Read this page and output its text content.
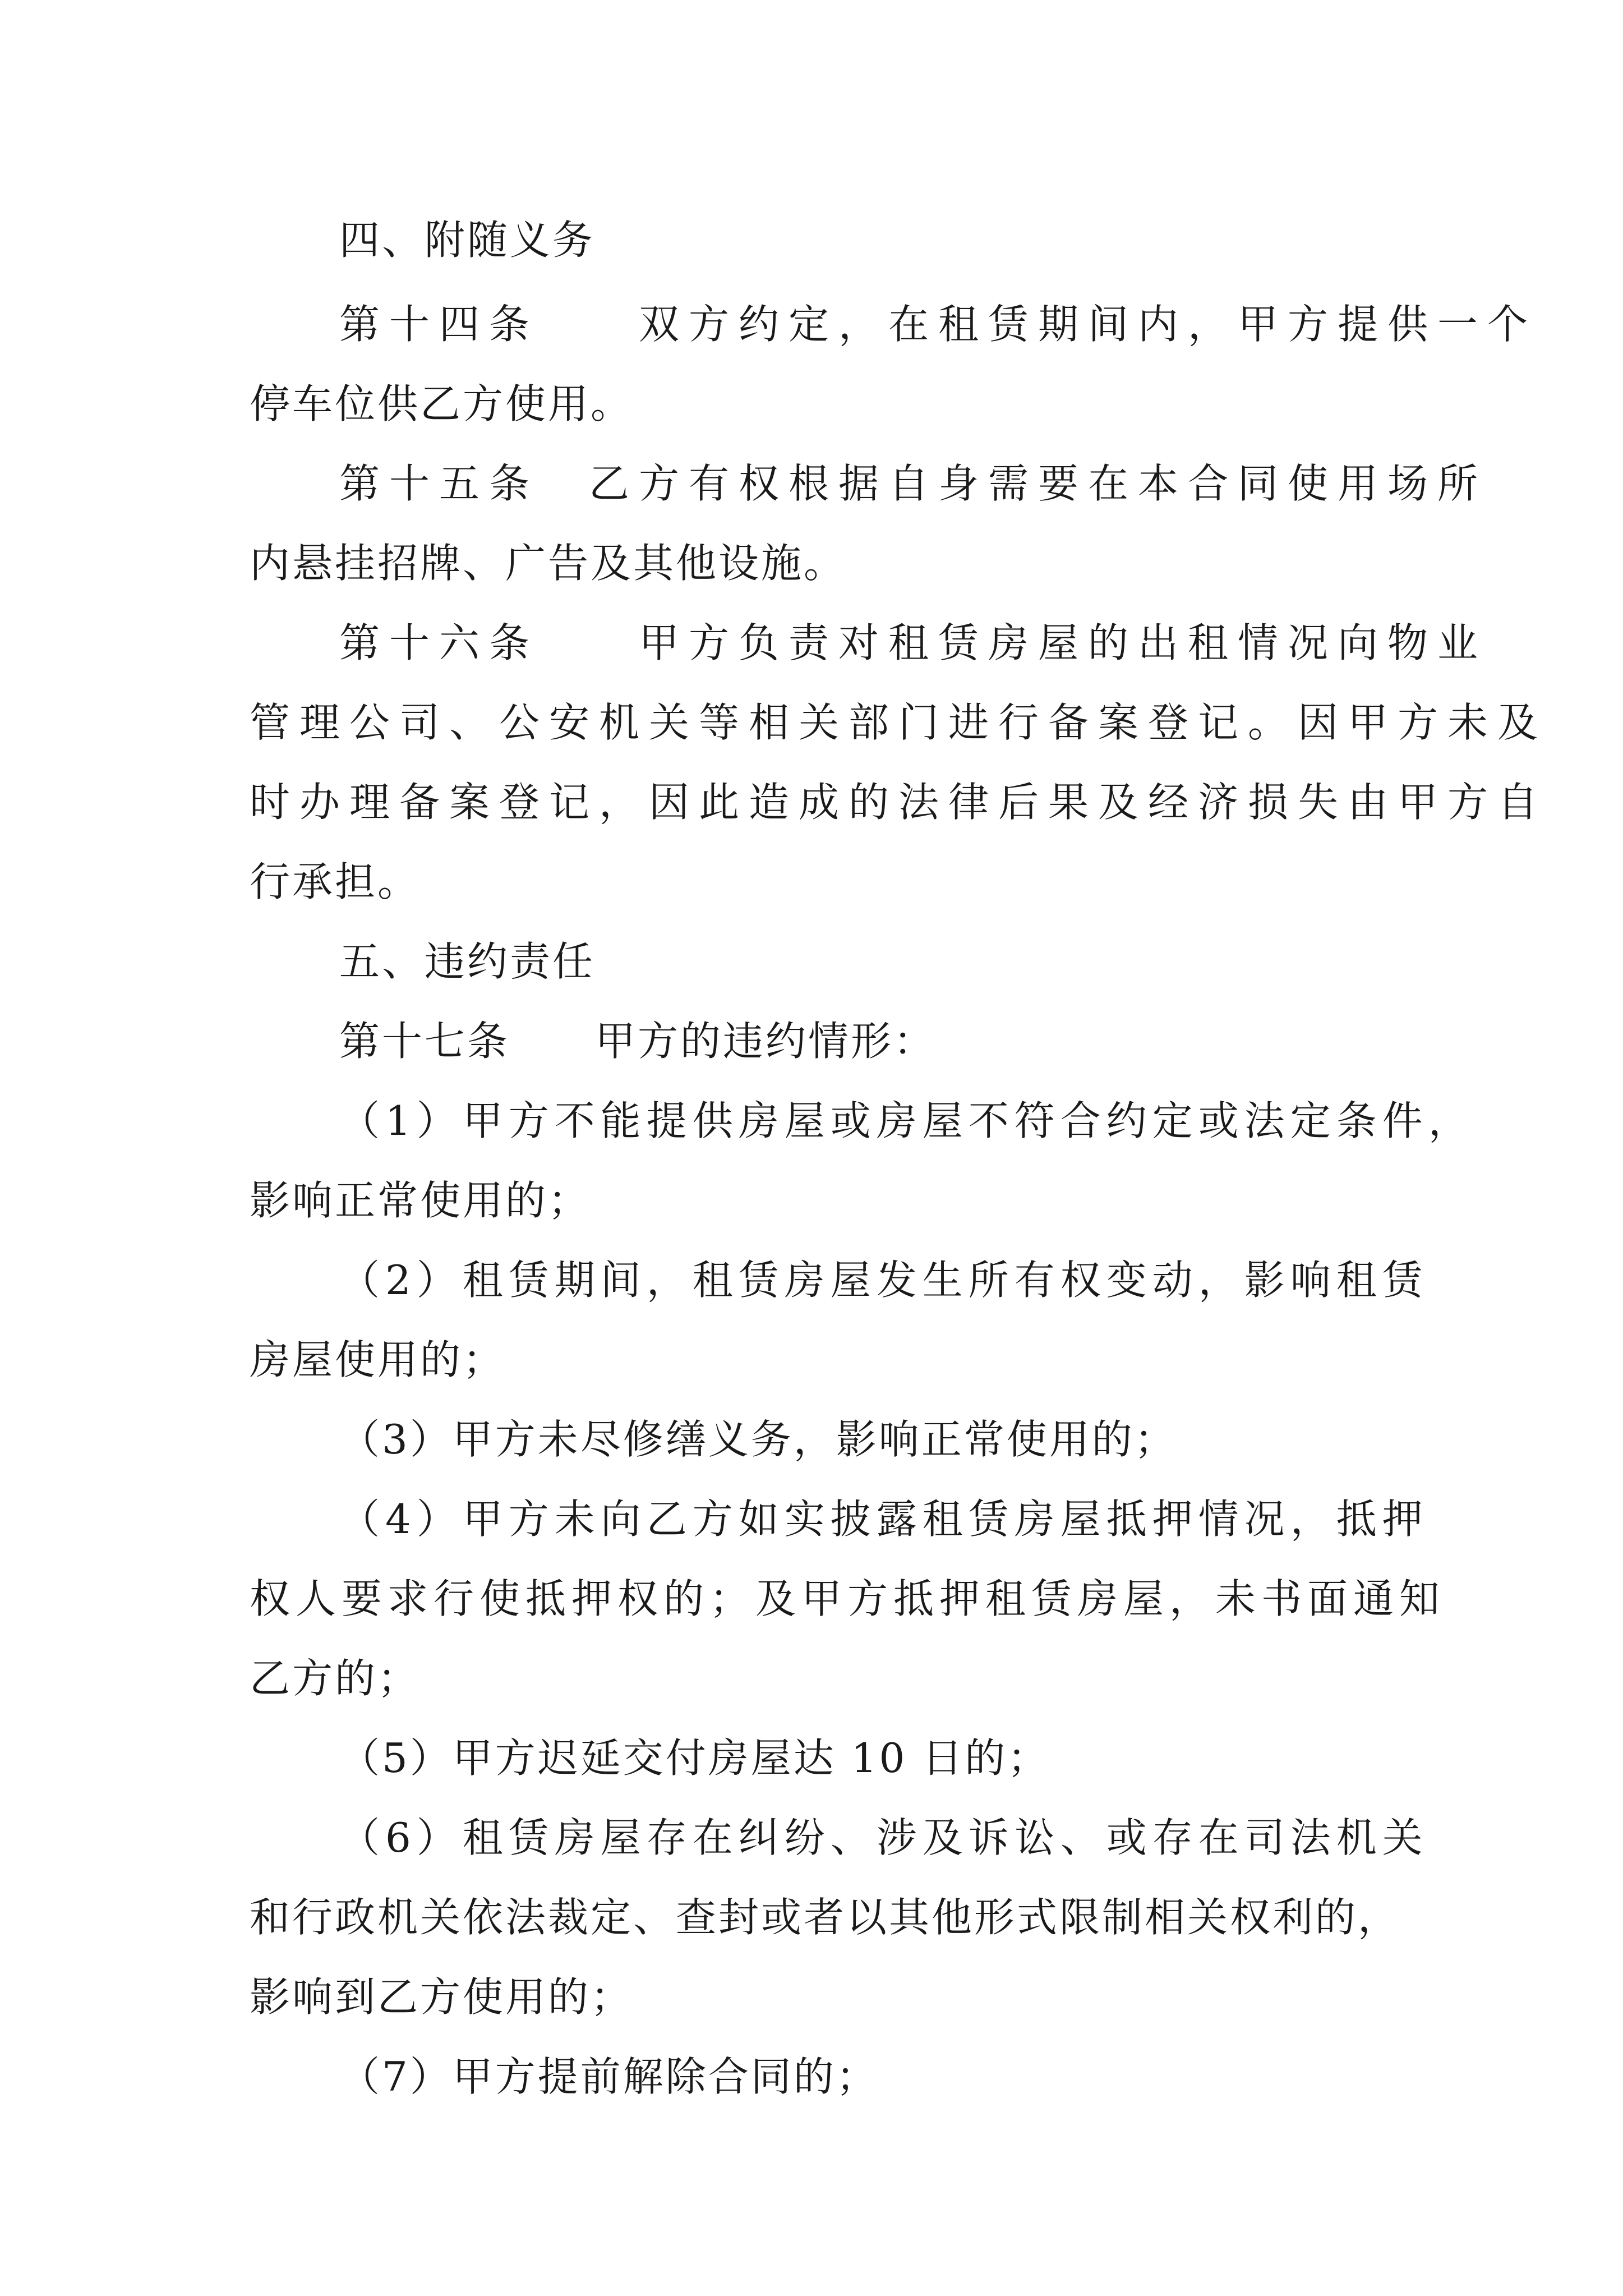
四、附随义务
第十四条　　双方约定，在租赁期间内，甲方提供一个
停车位供乙方使用。
第十五条　乙方有权根据自身需要在本合同使用场所
内悬挂招牌、广告及其他设施。
第十六条　　甲方负责对租赁房屋的出租情况向物业
管理公司、公安机关等相关部门进行备案登记。因甲方未及
时办理备案登记，因此造成的法律后果及经济损失由甲方自
行承担。
五、违约责任
第十七条　　甲方的违约情形：
（1）甲方不能提供房屋或房屋不符合约定或法定条件，
影响正常使用的；
（2）租赁期间，租赁房屋发生所有权变动，影响租赁
房屋使用的；
（3）甲方未尽修缮义务，影响正常使用的；
（4）甲方未向乙方如实披露租赁房屋抵押情况，抵押
权人要求行使抵押权的；及甲方抵押租赁房屋，未书面通知
乙方的；
（5）甲方迟延交付房屋达 10 日的；
（6）租赁房屋存在纠纷、涉及诉讼、或存在司法机关
和行政机关依法裁定、查封或者以其他形式限制相关权利的，
影响到乙方使用的；
（7）甲方提前解除合同的；
